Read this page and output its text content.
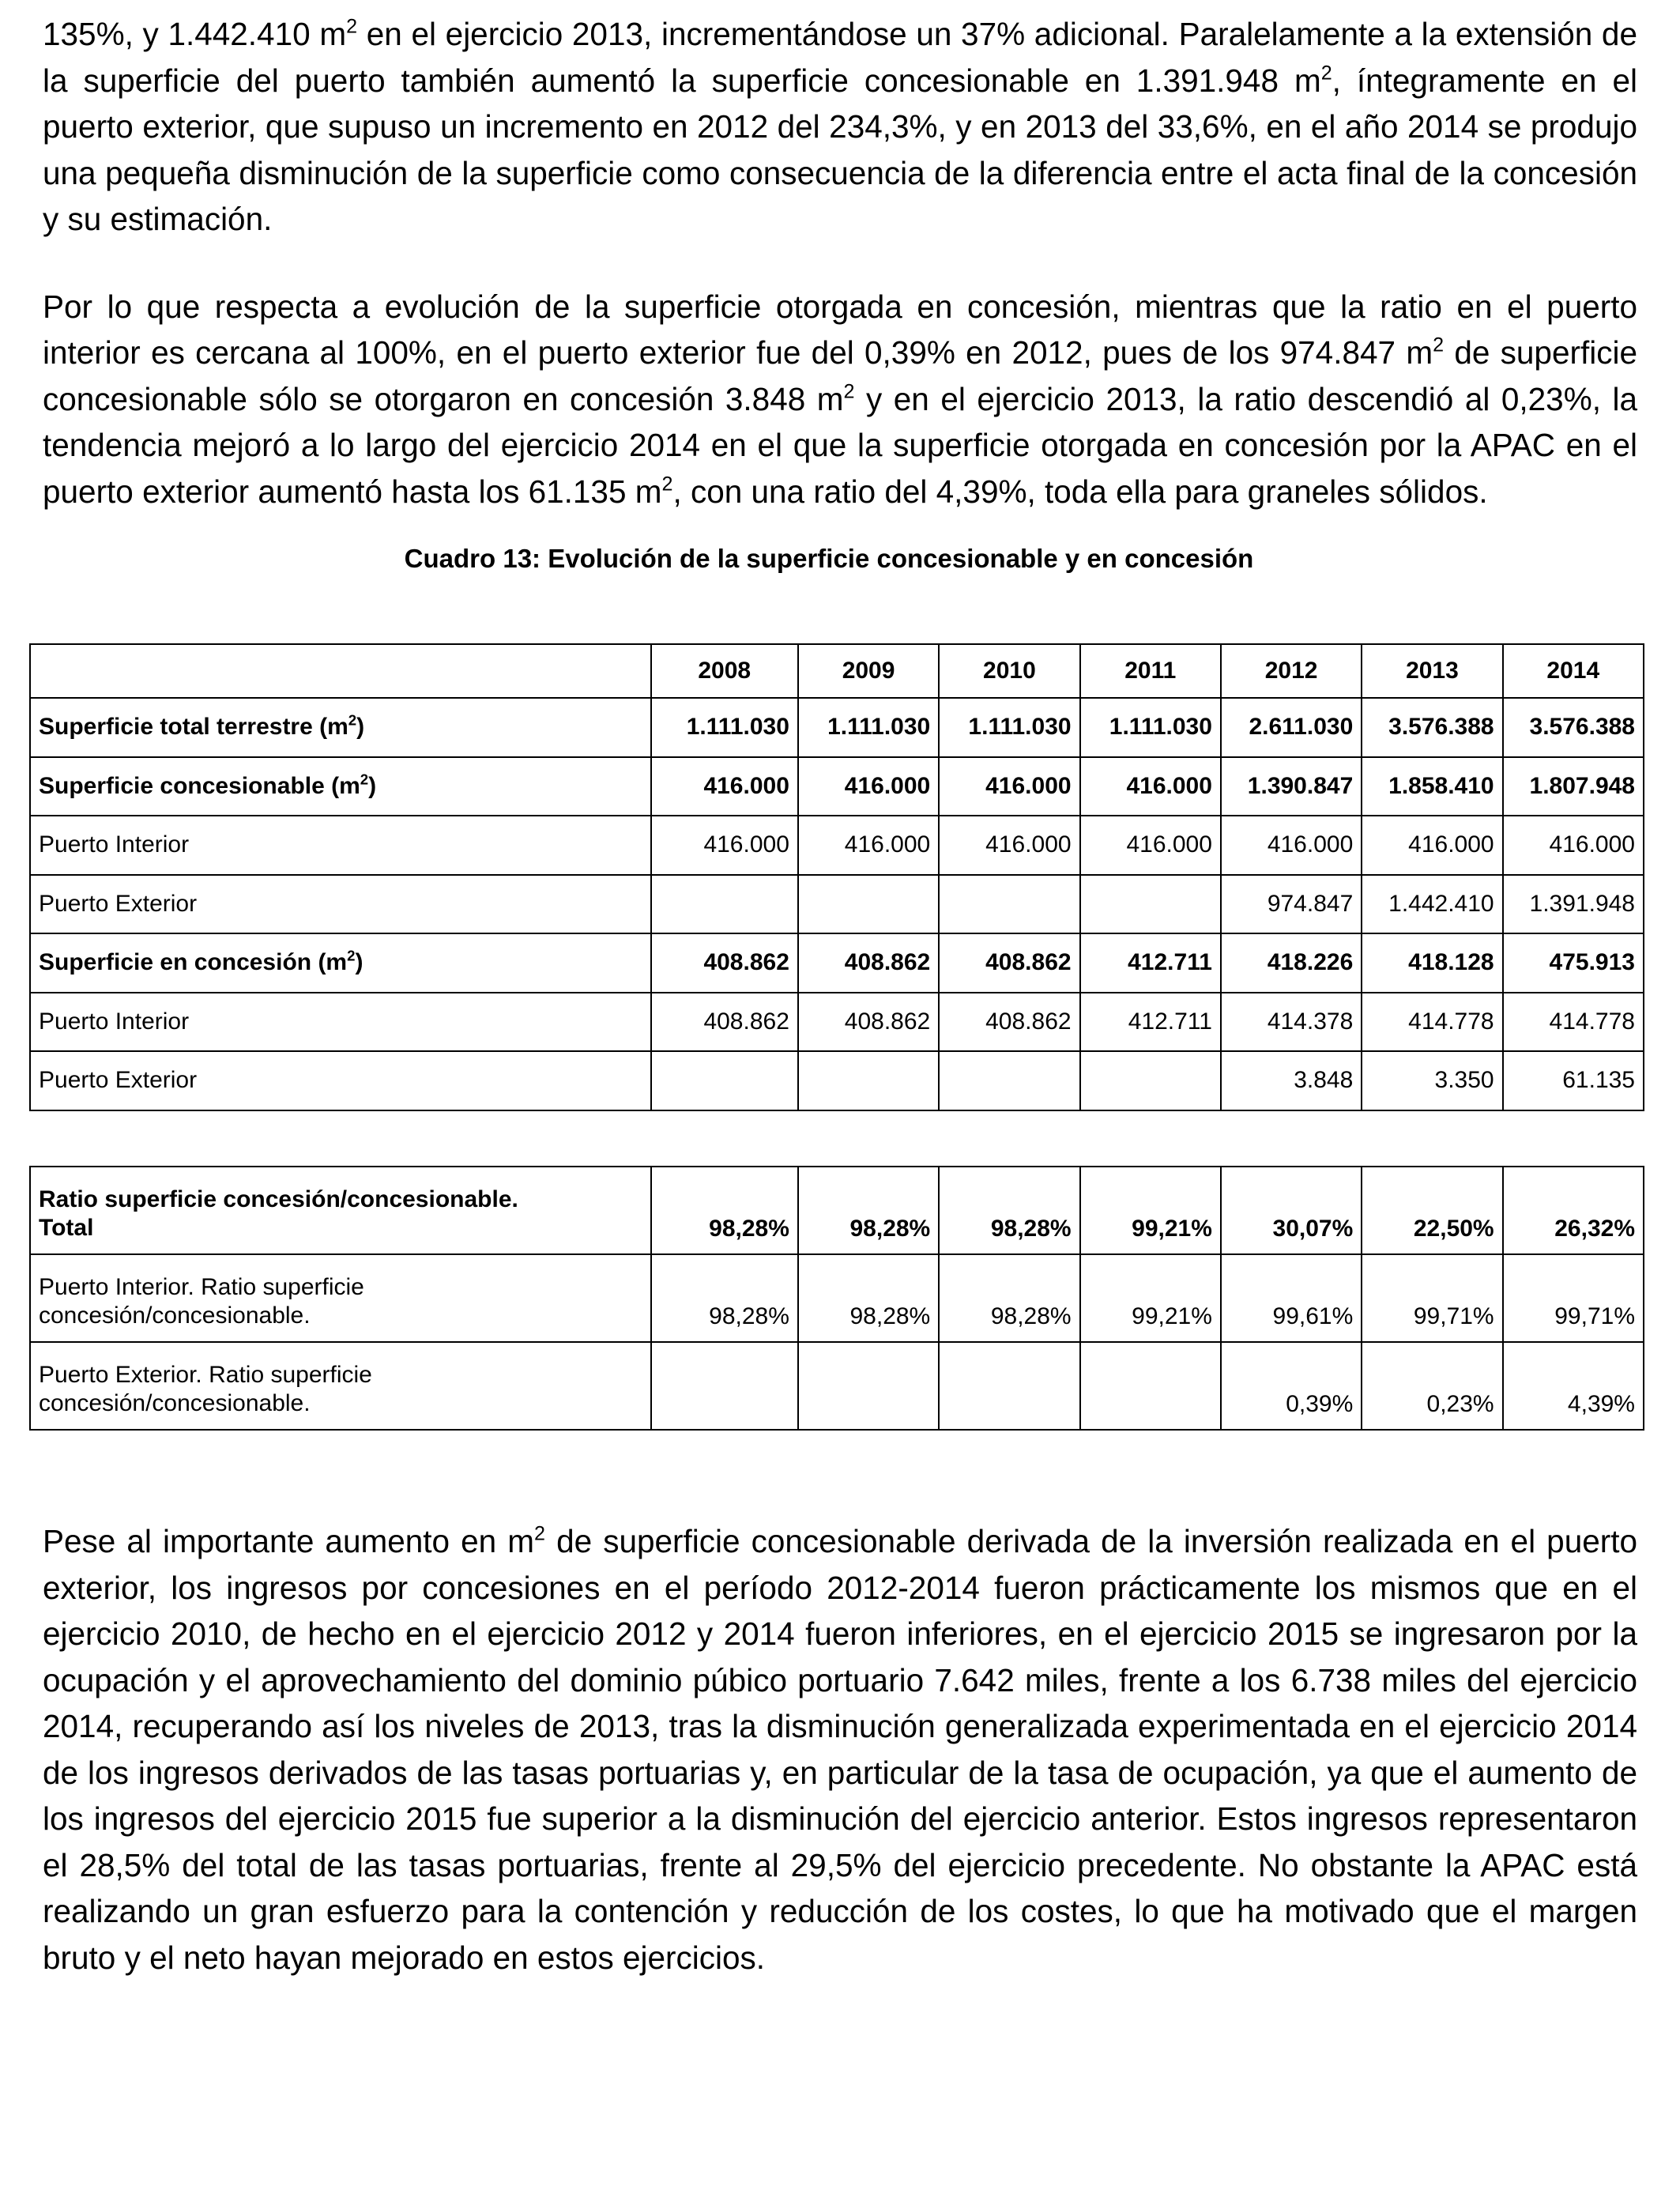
135%, y 1.442.410 $m^2$ en el ejercicio 2013, incrementándose un 37% adicional. Paralelamente a la extensión de la superficie del puerto también aumentó la superficie concesionable en 1.391.948 $m^2$, íntegramente en el puerto exterior, que supuso un incremento en 2012 del 234,3%, y en 2013 del 33,6%, en el año 2014 se produjo una pequeña disminución de la superficie como consecuencia de la diferencia entre el acta final de la concesión y su estimación.

Por lo que respecta a evolución de la superficie otorgada en concesión, mientras que la ratio en el puerto interior es cercana al 100%, en el puerto exterior fue del 0,39% en 2012, pues de los 974.847 $m^2$ de superficie concesionable sólo se otorgaron en concesión 3.848 $m^2$ y en el ejercicio 2013, la ratio descendió al 0,23%, la tendencia mejoró a lo largo del ejercicio 2014 en el que la superficie otorgada en concesión por la APAC en el puerto exterior aumentó hasta los 61.135 $m^2$, con una ratio del 4,39%, toda ella para graneles sólidos.

Cuadro 13: Evolución de la superficie concesionable y en concesión
	2008	2009	2010	2011	2012	2013	2014
Superficie total terrestre $(m^2)$	1.111.030	1.111.030	1.111.030	1.111.030	2.611.030	3.576.388	3.576.388
Superficie concesionable $(m^2)$	416.000	416.000	416.000	416.000	1.390.847	1.858.410	1.807.948
Puerto Interior	416.000	416.000	416.000	416.000	416.000	416.000	416.000
Puerto Exterior					974.847	1.442.410	1.391.948
Superficie en concesión $(m^2)$	408.862	408.862	408.862	412.711	418.226	418.128	475.913
Puerto Interior	408.862	408.862	408.862	412.711	414.378	414.778	414.778
Puerto Exterior					3.848	3.350	61.135
Ratio superficie concesión/concesionable.
Total	98,28%	98,28%	98,28%	99,21%	30,07%	22,50%	26,32%
Puerto Interior. Ratio superficie
concesión/concesionable.	98,28%	98,28%	98,28%	99,21%	99,61%	99,71%	99,71%
Puerto Exterior. Ratio superficie
concesión/concesionable.					0,39%	0,23%	4,39%

Pese al importante aumento en $m^2$ de superficie concesionable derivada de la inversión realizada en el puerto exterior, los ingresos por concesiones en el período 2012-2014 fueron prácticamente los mismos que en el ejercicio 2010, de hecho en el ejercicio 2012 y 2014 fueron inferiores, en el ejercicio 2015 se ingresaron por la ocupación y el aprovechamiento del dominio púbico portuario 7.642 miles, frente a los 6.738 miles del ejercicio 2014, recuperando así los niveles de 2013, tras la disminución generalizada experimentada en el ejercicio 2014 de los ingresos derivados de las tasas portuarias y, en particular de la tasa de ocupación, ya que el aumento de los ingresos del ejercicio 2015 fue superior a la disminución del ejercicio anterior. Estos ingresos representaron el 28,5% del total de las tasas portuarias, frente al 29,5% del ejercicio precedente. No obstante la APAC está realizando un gran esfuerzo para la contención y reducción de los costes, lo que ha motivado que el margen bruto y el neto hayan mejorado en estos ejercicios.
